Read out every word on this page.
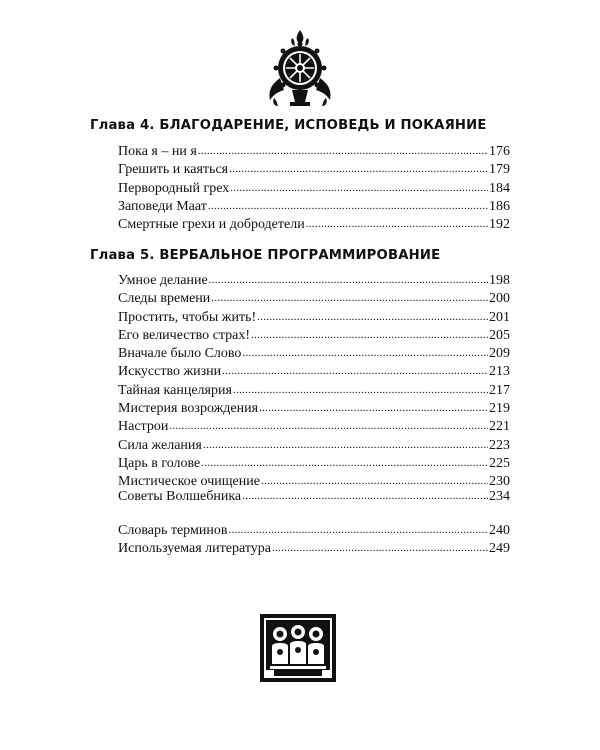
Глава 4. БЛАГОДАРЕНИЕ, ИСПОВЕДЬ И ПОКАЯНИЕ
Пока я – ни я .....	176
Грешить и каяться .....	179
Первородный грех .....	184
Заповеди Маат .....	186
Смертные грехи и добродетели .....	192
Глава 5. ВЕРБАЛЬНОЕ ПРОГРАММИРОВАНИЕ
Умное делание .....	198
Следы времени .....	200
Простить, чтобы жить! .....	201
Его величество страх! .....	205
Вначале было Слово .....	209
Искусство жизни .....	213
Тайная канцелярия .....	217
Мистерия возрождения .....	219
Настрои .....	221
Сила желания .....	223
Царь в голове .....	225
Мистическое очищение .....	230
Советы Волшебника .....	234
Словарь терминов .....	240
Используемая литература .....	249
